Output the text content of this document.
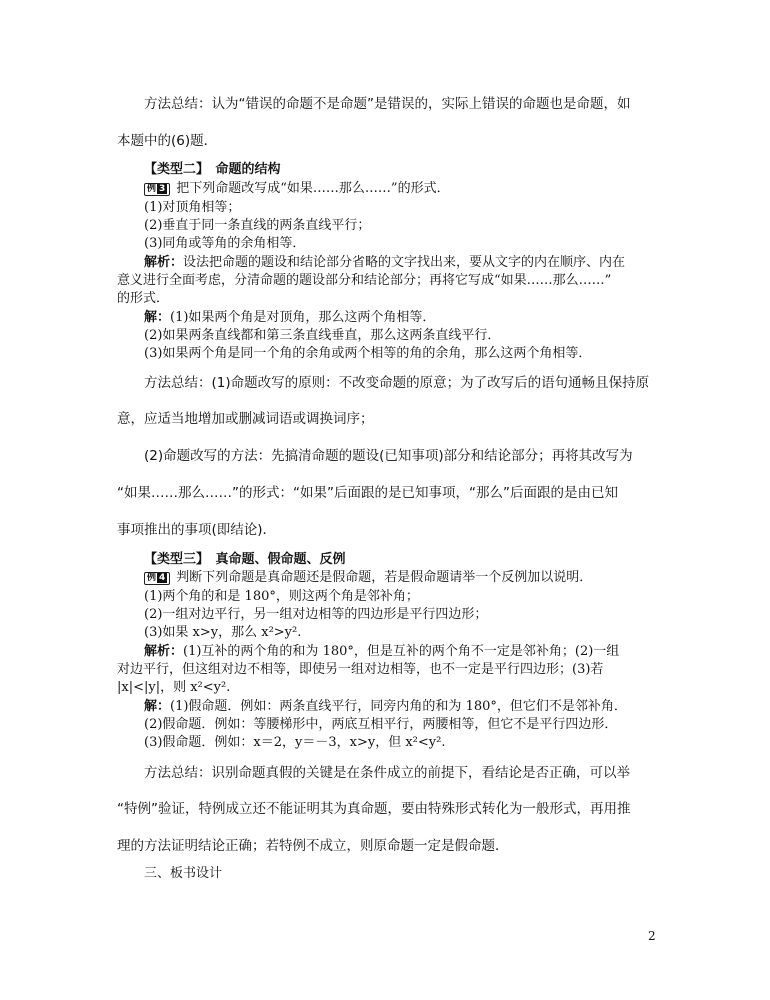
方法总结：认为“错误的命题不是命题”是错误的，实际上错误的命题也是命题，如
本题中的(6)题．
【类型二】　命题的结构
例 3 把下列命题改写成“如果……那么……”的形式．
(1)对顶角相等；
(2)垂直于同一条直线的两条直线平行；
(3)同角或等角的余角相等．
解析：设法把命题的题设和结论部分省略的文字找出来，要从文字的内在顺序、内在
意义进行全面考虑，分清命题的题设部分和结论部分；再将它写成“如果……那么……”
的形式．
解：(1)如果两个角是对顶角，那么这两个角相等．
(2)如果两条直线都和第三条直线垂直，那么这两条直线平行．
(3)如果两个角是同一个角的余角或两个相等的角的余角，那么这两个角相等．
方法总结：(1)命题改写的原则：不改变命题的原意；为了改写后的语句通畅且保持原
意，应适当地增加或删减词语或调换词序；
(2)命题改写的方法：先搞清命题的题设(已知事项)部分和结论部分；再将其改写为
“如果……那么……”的形式：“如果”后面跟的是已知事项，“那么”后面跟的是由已知
事项推出的事项(即结论)．
【类型三】　真命题、假命题、反例
例 4 判断下列命题是真命题还是假命题，若是假命题请举一个反例加以说明．
(1)两个角的和是 180°，则这两个角是邻补角；
(2)一组对边平行，另一组对边相等的四边形是平行四边形；
(3)如果 x>y，那么 x²>y².
解析：(1)互补的两个角的和为 180°，但是互补的两个角不一定是邻补角；(2)一组
对边平行，但这组对边不相等，即使另一组对边相等，也不一定是平行四边形；(3)若
|x|<|y|，则 x²<y².
解：(1)假命题．例如：两条直线平行，同旁内角的和为 180°，但它们不是邻补角．
(2)假命题．例如：等腰梯形中，两底互相平行，两腰相等，但它不是平行四边形．
(3)假命题．例如：x＝2，y＝－3，x>y，但 x²<y².
方法总结：识别命题真假的关键是在条件成立的前提下，看结论是否正确，可以举
“特例”验证，特例成立还不能证明其为真命题，要由特殊形式转化为一般形式，再用推
理的方法证明结论正确；若特例不成立，则原命题一定是假命题．
三、板书设计
2
